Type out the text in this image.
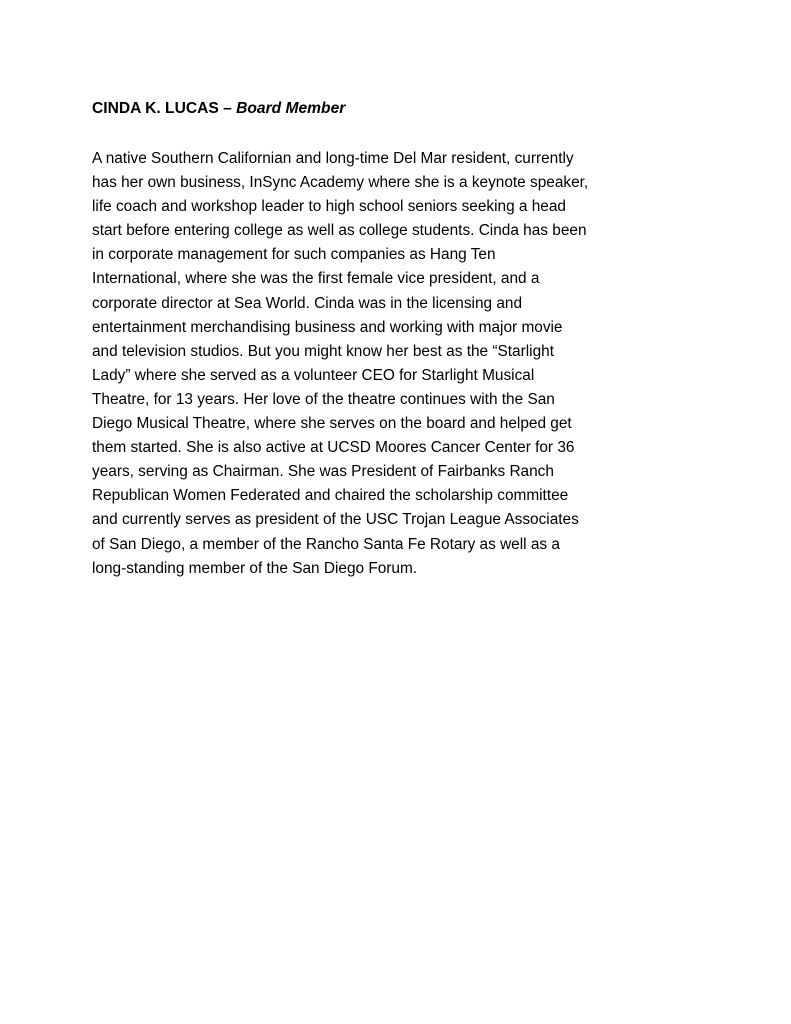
CINDA K. LUCAS – Board Member

A native Southern Californian and long-time Del Mar resident, currently
has her own business, InSync Academy where she is a keynote speaker,
life coach and workshop leader to high school seniors seeking a head
start before entering college as well as college students. Cinda has been
in corporate management for such companies as Hang Ten
International, where she was the first female vice president, and a
corporate director at Sea World. Cinda was in the licensing and
entertainment merchandising business and working with major movie
and television studios. But you might know her best as the “Starlight
Lady” where she served as a volunteer CEO for Starlight Musical
Theatre, for 13 years. Her love of the theatre continues with the San
Diego Musical Theatre, where she serves on the board and helped get
them started. She is also active at UCSD Moores Cancer Center for 36
years, serving as Chairman. She was President of Fairbanks Ranch
Republican Women Federated and chaired the scholarship committee
and currently serves as president of the USC Trojan League Associates
of San Diego, a member of the Rancho Santa Fe Rotary as well as a
long-standing member of the San Diego Forum.
